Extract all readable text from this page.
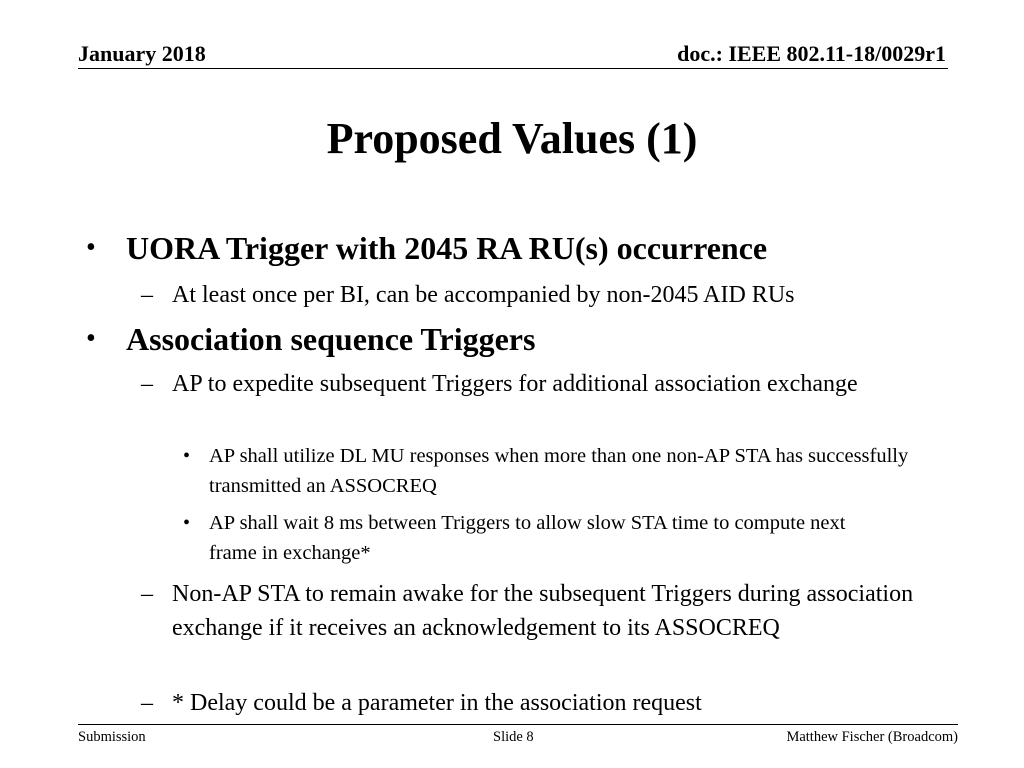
January 2018	doc.: IEEE 802.11-18/0029r1
Proposed Values (1)
• UORA Trigger with 2045 RA RU(s) occurrence
– At least once per BI, can be accompanied by non-2045 AID RUs
• Association sequence Triggers
– AP to expedite subsequent Triggers for additional association exchange
• AP shall utilize DL MU responses when more than one non-AP STA has successfully transmitted an ASSOCREQ
• AP shall wait 8 ms between Triggers to allow slow STA time to compute next frame in exchange*
– Non-AP STA to remain awake for the subsequent Triggers during association exchange if it receives an acknowledgement to its ASSOCREQ
– * Delay could be a parameter in the association request
Submission	Slide 8	Matthew Fischer (Broadcom)
